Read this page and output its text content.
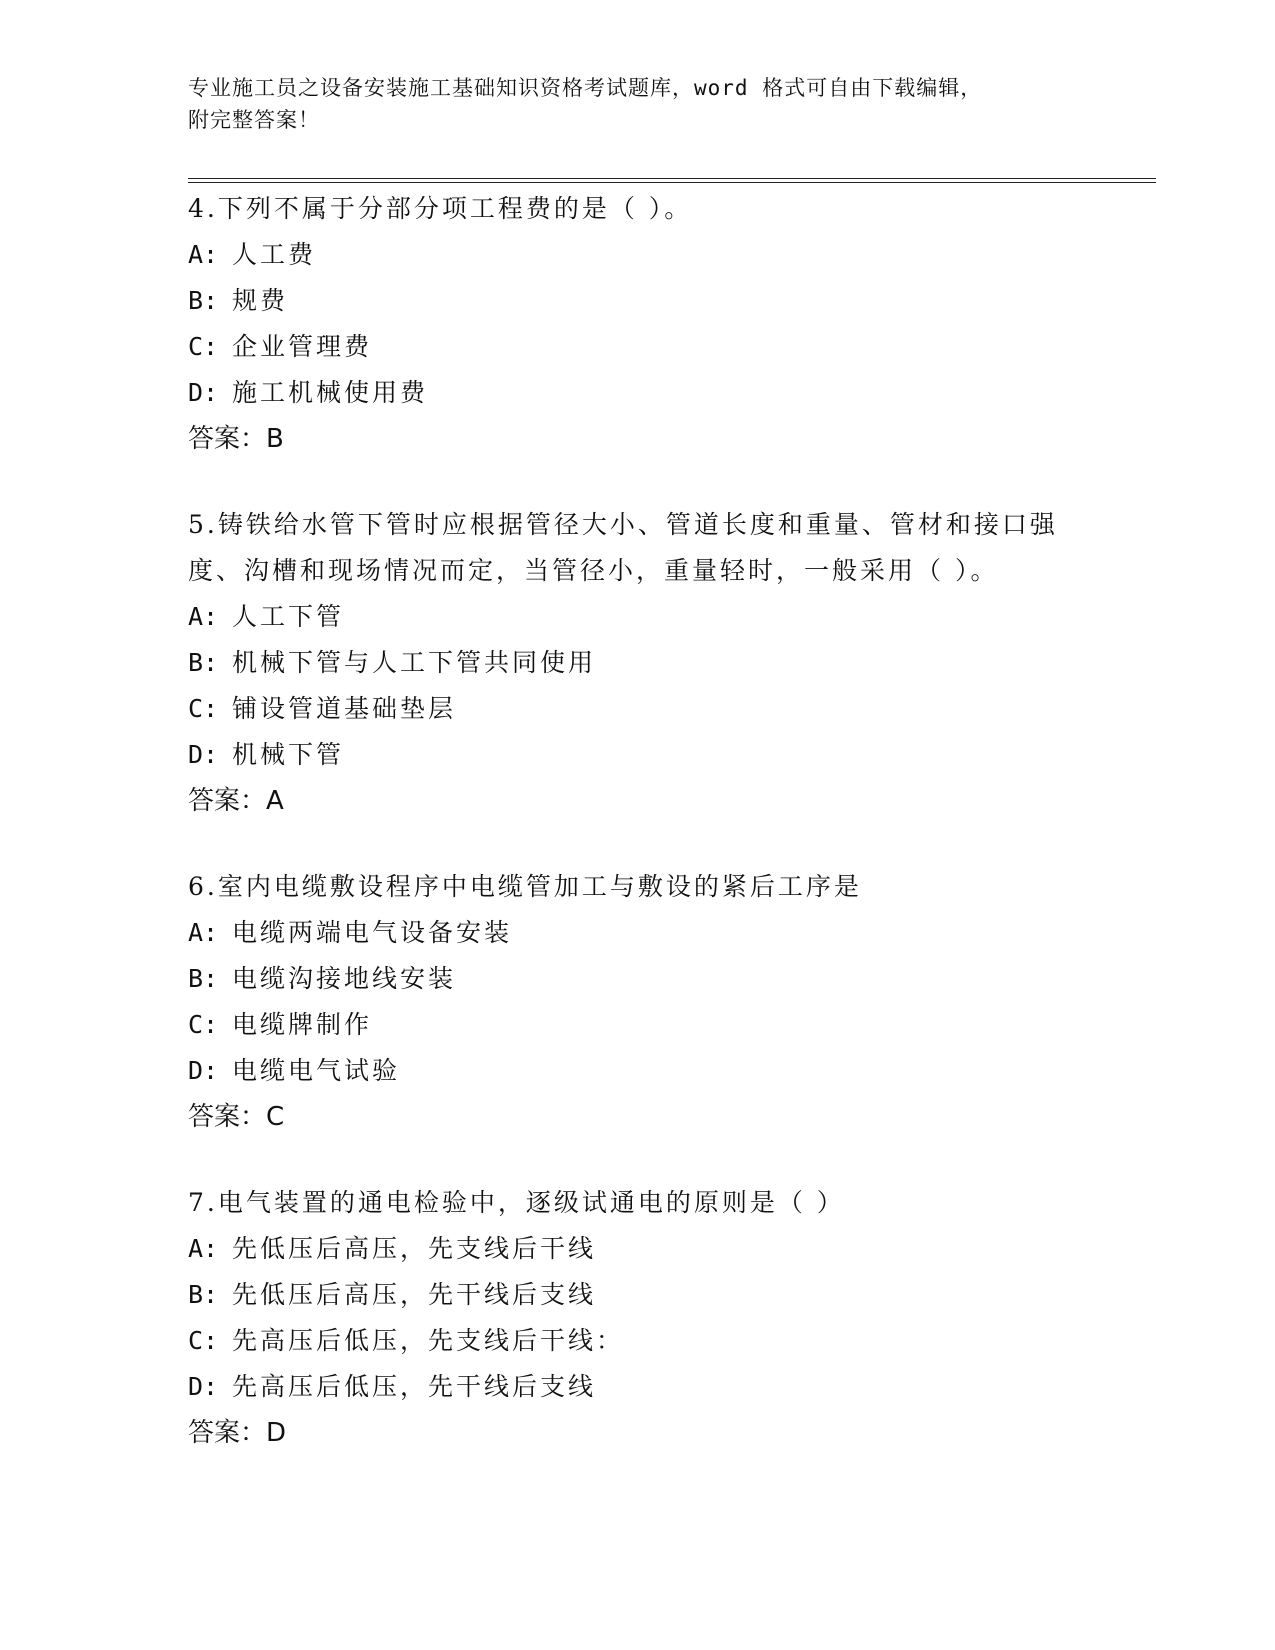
专业施工员之设备安装施工基础知识资格考试题库，word 格式可自由下载编辑，
附完整答案！
4.下列不属于分部分项工程费的是（ ）。
A: 人工费
B: 规费
C: 企业管理费
D: 施工机械使用费
答案：B
5.铸铁给水管下管时应根据管径大小、管道长度和重量、管材和接口强度、沟槽和现场情况而定，当管径小，重量轻时，一般采用（ ）。
A: 人工下管
B: 机械下管与人工下管共同使用
C: 铺设管道基础垫层
D: 机械下管
答案：A
6.室内电缆敷设程序中电缆管加工与敷设的紧后工序是
A: 电缆两端电气设备安装
B: 电缆沟接地线安装
C: 电缆牌制作
D: 电缆电气试验
答案：C
7.电气装置的通电检验中，逐级试通电的原则是（ ）
A: 先低压后高压，先支线后干线
B: 先低压后高压，先干线后支线
C: 先高压后低压，先支线后干线：
D: 先高压后低压，先干线后支线
答案：D
